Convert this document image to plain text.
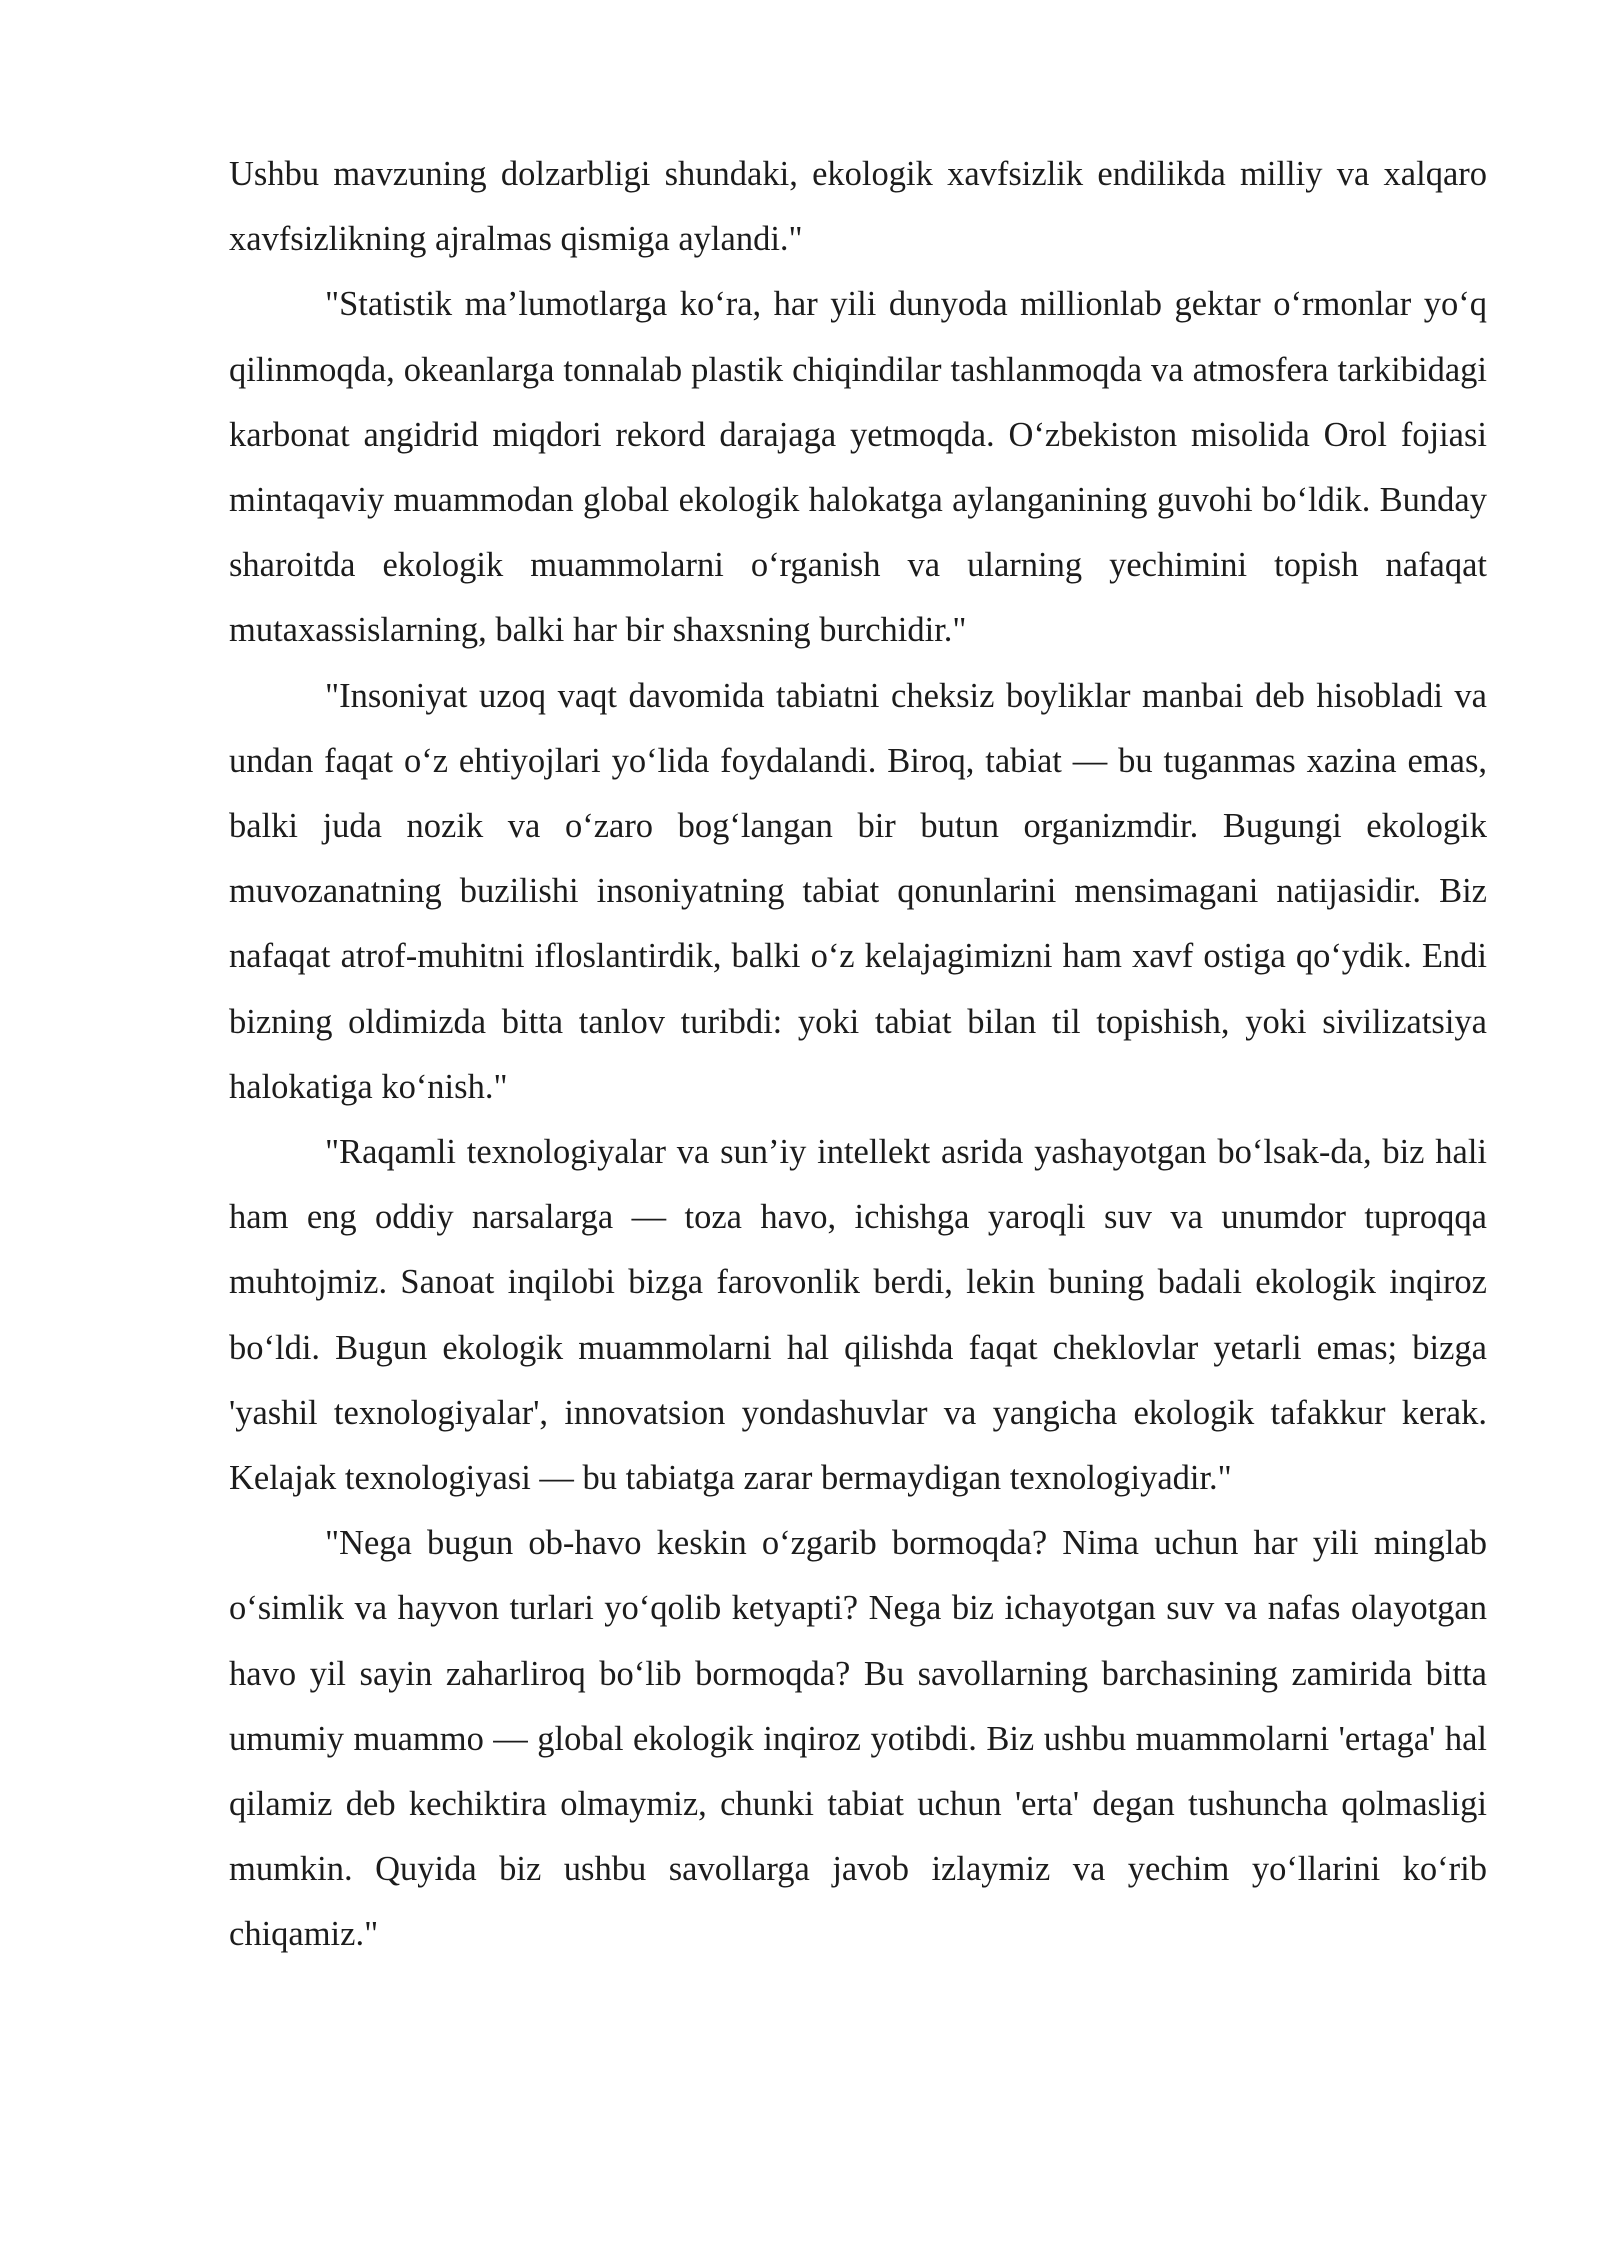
Ushbu mavzuning dolzarbligi shundaki, ekologik xavfsizlik endilikda milliy va xalqaro xavfsizlikning ajralmas qismiga aylandi."

"Statistik ma’lumotlarga ko‘ra, har yili dunyoda millionlab gektar o‘rmonlar yo‘q qilinmoqda, okeanlarga tonnalab plastik chiqindilar tashlanmoqda va atmosfera tarkibidagi karbonat angidrid miqdori rekord darajaga yetmoqda. O‘zbekiston misolida Orol fojiasi mintaqaviy muammodan global ekologik halokatga aylanganining guvohi bo‘ldik. Bunday sharoitda ekologik muammolarni o‘rganish va ularning yechimini topish nafaqat mutaxassislarning, balki har bir shaxsning burchidir."

"Insoniyat uzoq vaqt davomida tabiatni cheksiz boyliklar manbai deb hisobladi va undan faqat o‘z ehtiyojlari yo‘lida foydalandi. Biroq, tabiat — bu tuganmas xazina emas, balki juda nozik va o‘zaro bog‘langan bir butun organizmdir. Bugungi ekologik muvozanatning buzilishi insoniyatning tabiat qonunlarini mensimagani natijasidir. Biz nafaqat atrof-muhitni ifloslantirdik, balki o‘z kelajagimizni ham xavf ostiga qo‘ydik. Endi bizning oldimizda bitta tanlov turibdi: yoki tabiat bilan til topishish, yoki sivilizatsiya halokatiga ko‘nish."

"Raqamli texnologiyalar va sun’iy intellekt asrida yashayotgan bo‘lsak-da, biz hali ham eng oddiy narsalarga — toza havo, ichishga yaroqli suv va unumdor tuproqqa muhtojmiz. Sanoat inqilobi bizga farovonlik berdi, lekin buning badali ekologik inqiroz bo‘ldi. Bugun ekologik muammolarni hal qilishda faqat cheklovlar yetarli emas; bizga 'yashil texnologiyalar', innovatsion yondashuvlar va yangicha ekologik tafakkur kerak. Kelajak texnologiyasi — bu tabiatga zarar bermaydigan texnologiyadir."

"Nega bugun ob-havo keskin o‘zgarib bormoqda? Nima uchun har yili minglab o‘simlik va hayvon turlari yo‘qolib ketyapti? Nega biz ichayotgan suv va nafas olayotgan havo yil sayin zaharliroq bo‘lib bormoqda? Bu savollarning barchasining zamirida bitta umumiy muammo — global ekologik inqiroz yotibdi. Biz ushbu muammolarni 'ertaga' hal qilamiz deb kechiktira olmaymiz, chunki tabiat uchun 'erta' degan tushuncha qolmasligi mumkin. Quyida biz ushbu savollarga javob izlaymiz va yechim yo‘llarini ko‘rib chiqamiz."
